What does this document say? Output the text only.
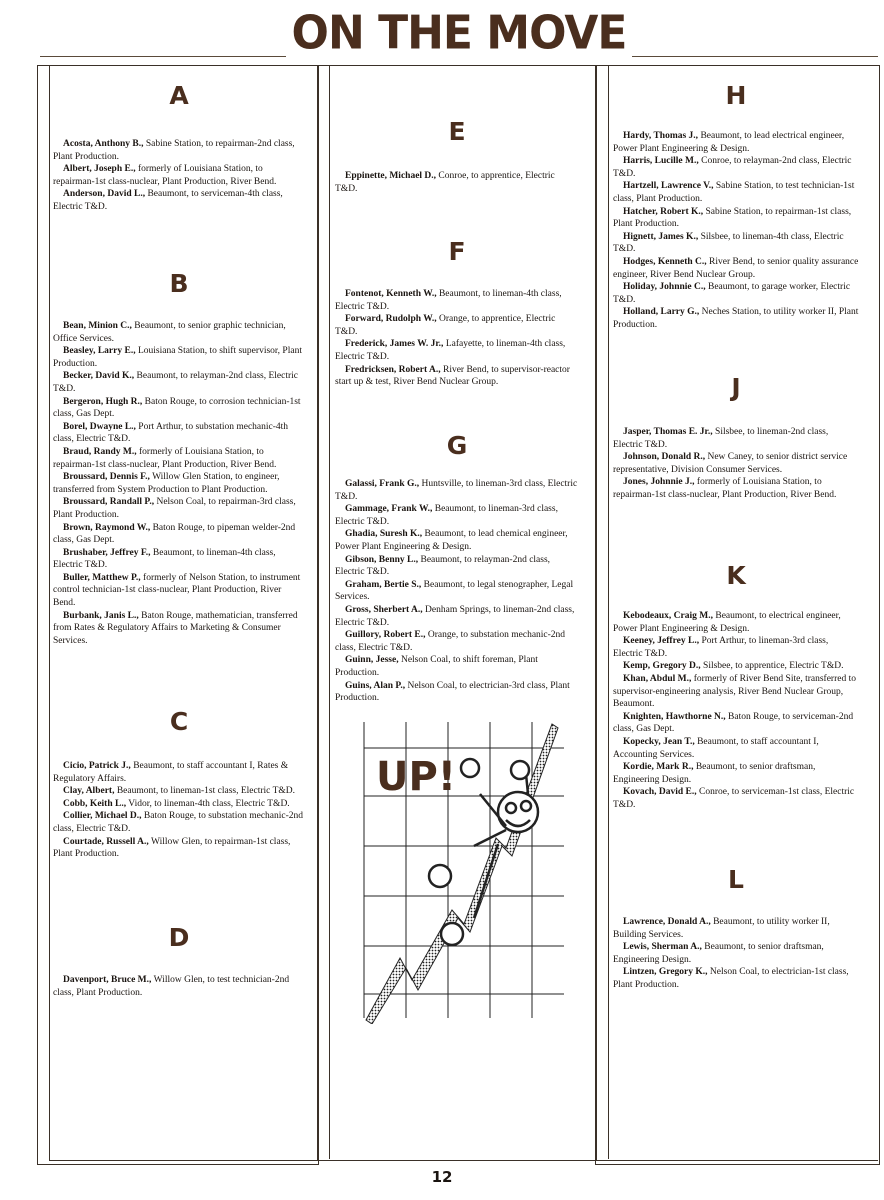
ON THE MOVE
A

Acosta, Anthony B., Sabine Station, to repairman-2nd class, Plant Production.

Albert, Joseph E., formerly of Louisiana Station, to repairman-1st class-nuclear, Plant Production, River Bend.

Anderson, David L., Beaumont, to serviceman-4th class, Electric T&D.

B

Bean, Minion C., Beaumont, to senior graphic technician, Office Services.

Beasley, Larry E., Louisiana Station, to shift supervisor, Plant Production.

Becker, David K., Beaumont, to relayman-2nd class, Electric T&D.

Bergeron, Hugh R., Baton Rouge, to corrosion technician-1st class, Gas Dept.

Borel, Dwayne L., Port Arthur, to substation mechanic-4th class, Electric T&D.

Braud, Randy M., formerly of Louisiana Station, to repairman-1st class-nuclear, Plant Production, River Bend.

Broussard, Dennis F., Willow Glen Station, to engineer, transferred from System Production to Plant Production.

Broussard, Randall P., Nelson Coal, to repairman-3rd class, Plant Production.

Brown, Raymond W., Baton Rouge, to pipeman welder-2nd class, Gas Dept.

Brushaber, Jeffrey F., Beaumont, to lineman-4th class, Electric T&D.

Buller, Matthew P., formerly of Nelson Station, to instrument control technician-1st class-nuclear, Plant Production, River Bend.

Burbank, Janis L., Baton Rouge, mathematician, transferred from Rates & Regulatory Affairs to Marketing & Consumer Services.

C

Cicio, Patrick J., Beaumont, to staff accountant I, Rates & Regulatory Affairs.

Clay, Albert, Beaumont, to lineman-1st class, Electric T&D.

Cobb, Keith L., Vidor, to lineman-4th class, Electric T&D.

Collier, Michael D., Baton Rouge, to substation mechanic-2nd class, Electric T&D.

Courtade, Russell A., Willow Glen, to repairman-1st class, Plant Production.

D

Davenport, Bruce M., Willow Glen, to test technician-2nd class, Plant Production.

E

Eppinette, Michael D., Conroe, to apprentice, Electric T&D.

F

Fontenot, Kenneth W., Beaumont, to lineman-4th class, Electric T&D.

Forward, Rudolph W., Orange, to apprentice, Electric T&D.

Frederick, James W. Jr., Lafayette, to lineman-4th class, Electric T&D.

Fredricksen, Robert A., River Bend, to supervisor-reactor start up & test, River Bend Nuclear Group.

G

Galassi, Frank G., Huntsville, to lineman-3rd class, Electric T&D.

Gammage, Frank W., Beaumont, to lineman-3rd class, Electric T&D.

Ghadia, Suresh K., Beaumont, to lead chemical engineer, Power Plant Engineering & Design.

Gibson, Benny L., Beaumont, to relayman-2nd class, Electric T&D.

Graham, Bertie S., Beaumont, to legal stenographer, Legal Services.

Gross, Sherbert A., Denham Springs, to lineman-2nd class, Electric T&D.

Guillory, Robert E., Orange, to substation mechanic-2nd class, Electric T&D.

Guinn, Jesse, Nelson Coal, to shift foreman, Plant Production.

Guins, Alan P., Nelson Coal, to electrician-3rd class, Plant Production.

UP!
H

Hardy, Thomas J., Beaumont, to lead electrical engineer, Power Plant Engineering & Design.

Harris, Lucille M., Conroe, to relayman-2nd class, Electric T&D.

Hartzell, Lawrence V., Sabine Station, to test technician-1st class, Plant Production.

Hatcher, Robert K., Sabine Station, to repairman-1st class, Plant Production.

Hignett, James K., Silsbee, to lineman-4th class, Electric T&D.

Hodges, Kenneth C., River Bend, to senior quality assurance engineer, River Bend Nuclear Group.

Holiday, Johnnie C., Beaumont, to garage worker, Electric T&D.

Holland, Larry G., Neches Station, to utility worker II, Plant Production.

J

Jasper, Thomas E. Jr., Silsbee, to lineman-2nd class, Electric T&D.

Johnson, Donald R., New Caney, to senior district service representative, Division Consumer Services.

Jones, Johnnie J., formerly of Louisiana Station, to repairman-1st class-nuclear, Plant Production, River Bend.

K

Kebodeaux, Craig M., Beaumont, to electrical engineer, Power Plant Engineering & Design.

Keeney, Jeffrey L., Port Arthur, to lineman-3rd class, Electric T&D.

Kemp, Gregory D., Silsbee, to apprentice, Electric T&D.

Khan, Abdul M., formerly of River Bend Site, transferred to supervisor-engineering analysis, River Bend Nuclear Group, Beaumont.

Knighten, Hawthorne N., Baton Rouge, to serviceman-2nd class, Gas Dept.

Kopecky, Jean T., Beaumont, to staff accountant I, Accounting Services.

Kordie, Mark R., Beaumont, to senior draftsman, Engineering Design.

Kovach, David E., Conroe, to serviceman-1st class, Electric T&D.

L

Lawrence, Donald A., Beaumont, to utility worker II, Building Services.

Lewis, Sherman A., Beaumont, to senior draftsman, Engineering Design.

Lintzen, Gregory K., Nelson Coal, to electrician-1st class, Plant Production.

12
